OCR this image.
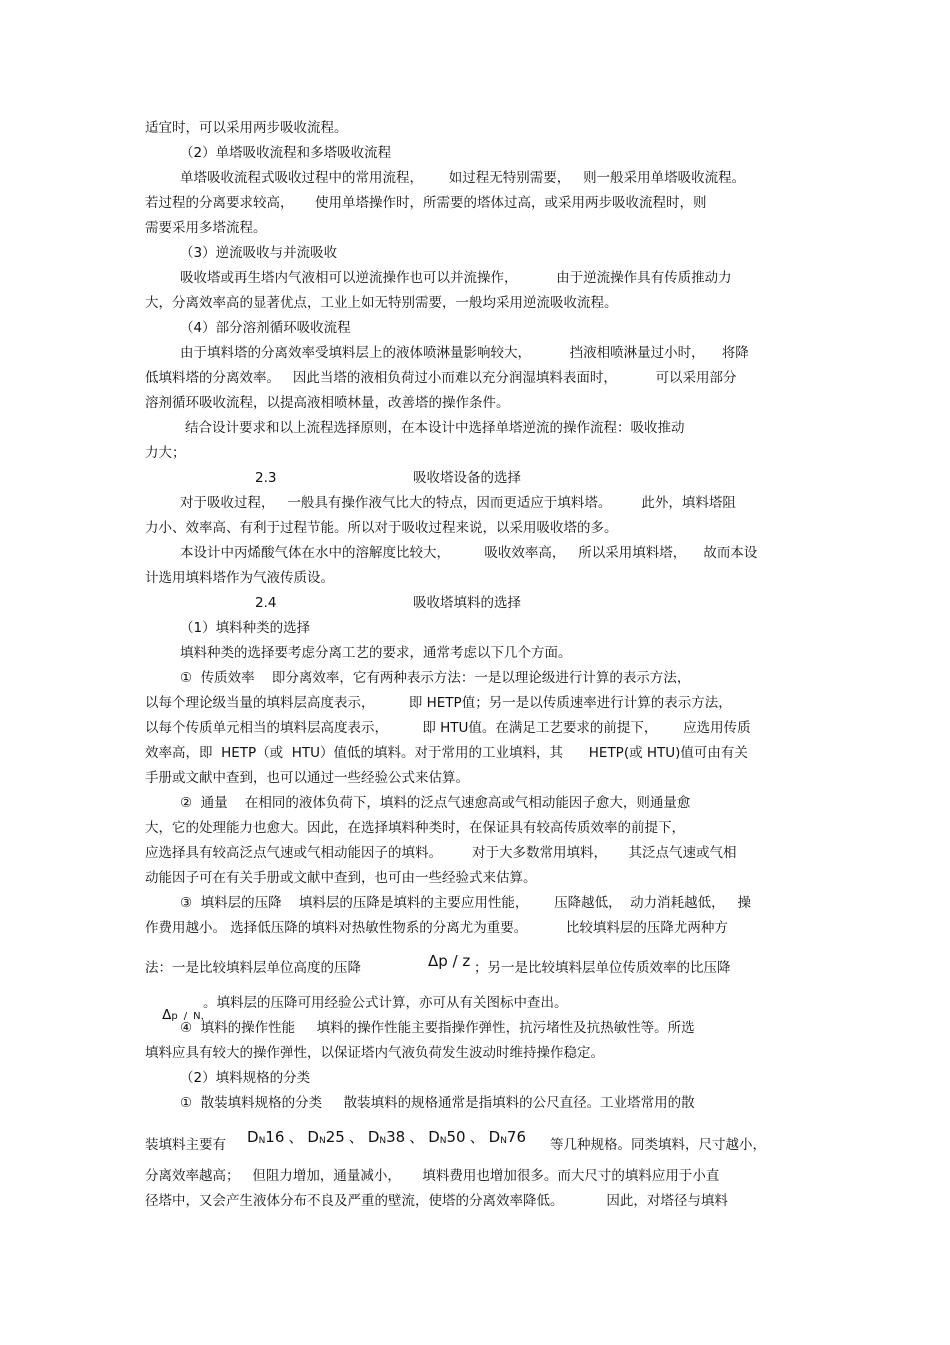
适宜时，可以采用两步吸收流程。
（2）单塔吸收流程和多塔吸收流程
单塔吸收流程式吸收过程中的常用流程，      如过程无特别需要，   则一般采用单塔吸收流程。
若过程的分离要求较高，     使用单塔操作时，所需要的塔体过高，或采用两步吸收流程时，则
需要采用多塔流程。
（3）逆流吸收与并流吸收
吸收塔或再生塔内气液相可以逆流操作也可以并流操作，         由于逆流操作具有传质推动力
大，分离效率高的显著优点，工业上如无特别需要，一般均采用逆流吸收流程。
（4）部分溶剂循环吸收流程
由于填料塔的分离效率受填料层上的液体喷淋量影响较大，         挡液相喷淋量过小时，    将降
低填料塔的分离效率。   因此当塔的液相负荷过小而难以充分润湿填料表面时，         可以采用部分
溶剂循环吸收流程，以提高液相喷林量，改善塔的操作条件。
结合设计要求和以上流程选择原则，在本设计中选择单塔逆流的操作流程：吸收推动
力大；
2.3	吸收塔设备的选择
对于吸收过程，   一般具有操作液气比大的特点，因而更适应于填料塔。       此外，填料塔阻
力小、效率高、有利于过程节能。所以对于吸收过程来说，以采用吸收塔的多。
本设计中丙烯酸气体在水中的溶解度比较大，        吸收效率高，   所以采用填料塔，    故而本设
计选用填料塔作为气液传质设。
2.4	吸收塔填料的选择
（1）填料种类的选择
填料种类的选择要考虑分离工艺的要求，通常考虑以下几个方面。
①  传质效率    即分离效率，它有两种表示方法：一是以理论级进行计算的表示方法，
以每个理论级当量的填料层高度表示，        即 HETP值；另一是以传质速率进行计算的表示方法，
以每个传质单元相当的填料层高度表示，        即 HTU值。在满足工艺要求的前提下，      应选用传质
效率高，即  HETP（或  HTU）值低的填料。对于常用的工业填料，其      HETP(或 HTU)值可由有关
手册或文献中查到，也可以通过一些经验公式来估算。
②  通量    在相同的液体负荷下，填料的泛点气速愈高或气相动能因子愈大，则通量愈
大，它的处理能力也愈大。因此，在选择填料种类时，在保证具有较高传质效率的前提下，
应选择具有较高泛点气速或气相动能因子的填料。       对于大多数常用填料，     其泛点气速或气相
动能因子可在有关手册或文献中查到，也可由一些经验式来估算。
③  填料层的压降    填料层的压降是填料的主要应用性能，      压降越低，  动力消耗越低，   操
作费用越小。 选择低压降的填料对热敏性物系的分离尤为重要。         比较填料层的压降尤两种方
法：一是比较填料层单位高度的压降	Δp / z ；另一是比较填料层单位传质效率的比压降

Δp / N，

。填料层的压降可用经验公式计算，亦可从有关图标中查出。
④  填料的操作性能     填料的操作性能主要指操作弹性，抗污堵性及抗热敏性等。所选
填料应具有较大的操作弹性，以保证塔内气液负荷发生波动时维持操作稳定。
（2）填料规格的分类
①  散装填料规格的分类     散装填料的规格通常是指填料的公尺直径。工业塔常用的散
装填料主要有 DN16 、 DN25 、 DN38 、 DN50 、 DN76 等几种规格。同类填料，尺寸越小，
分离效率越高；   但阻力增加，通量减小，     填料费用也增加很多。而大尺寸的填料应用于小直
径塔中，又会产生液体分布不良及严重的壁流，使塔的分离效率降低。          因此，对塔径与填料
